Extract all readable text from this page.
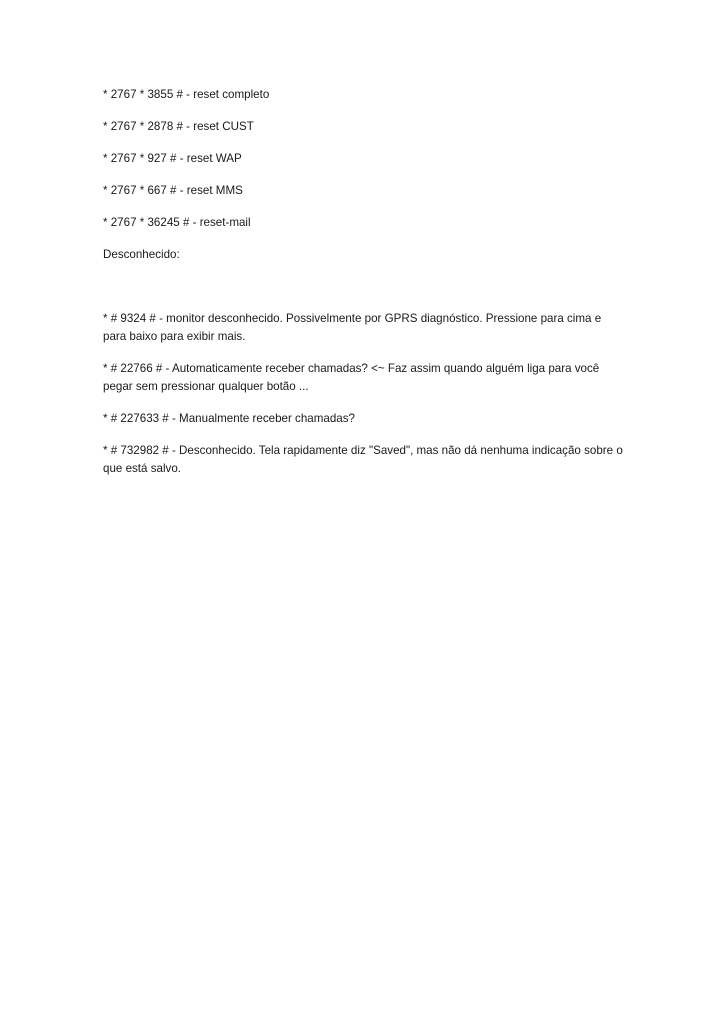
* 2767 * 3855 # - reset completo

* 2767 * 2878 # - reset CUST

* 2767 * 927 # - reset WAP

* 2767 * 667 # - reset MMS

* 2767 * 36245 # - reset-mail

Desconhecido:

* # 9324 # - monitor desconhecido. Possivelmente por GPRS diagnóstico. Pressione para cima e para baixo para exibir mais.

* # 22766 # - Automaticamente receber chamadas? <~ Faz assim quando alguém liga para você pegar sem pressionar qualquer botão ...

* # 227633 # - Manualmente receber chamadas?

* # 732982 # - Desconhecido. Tela rapidamente diz "Saved", mas não dá nenhuma indicação sobre o que está salvo.
